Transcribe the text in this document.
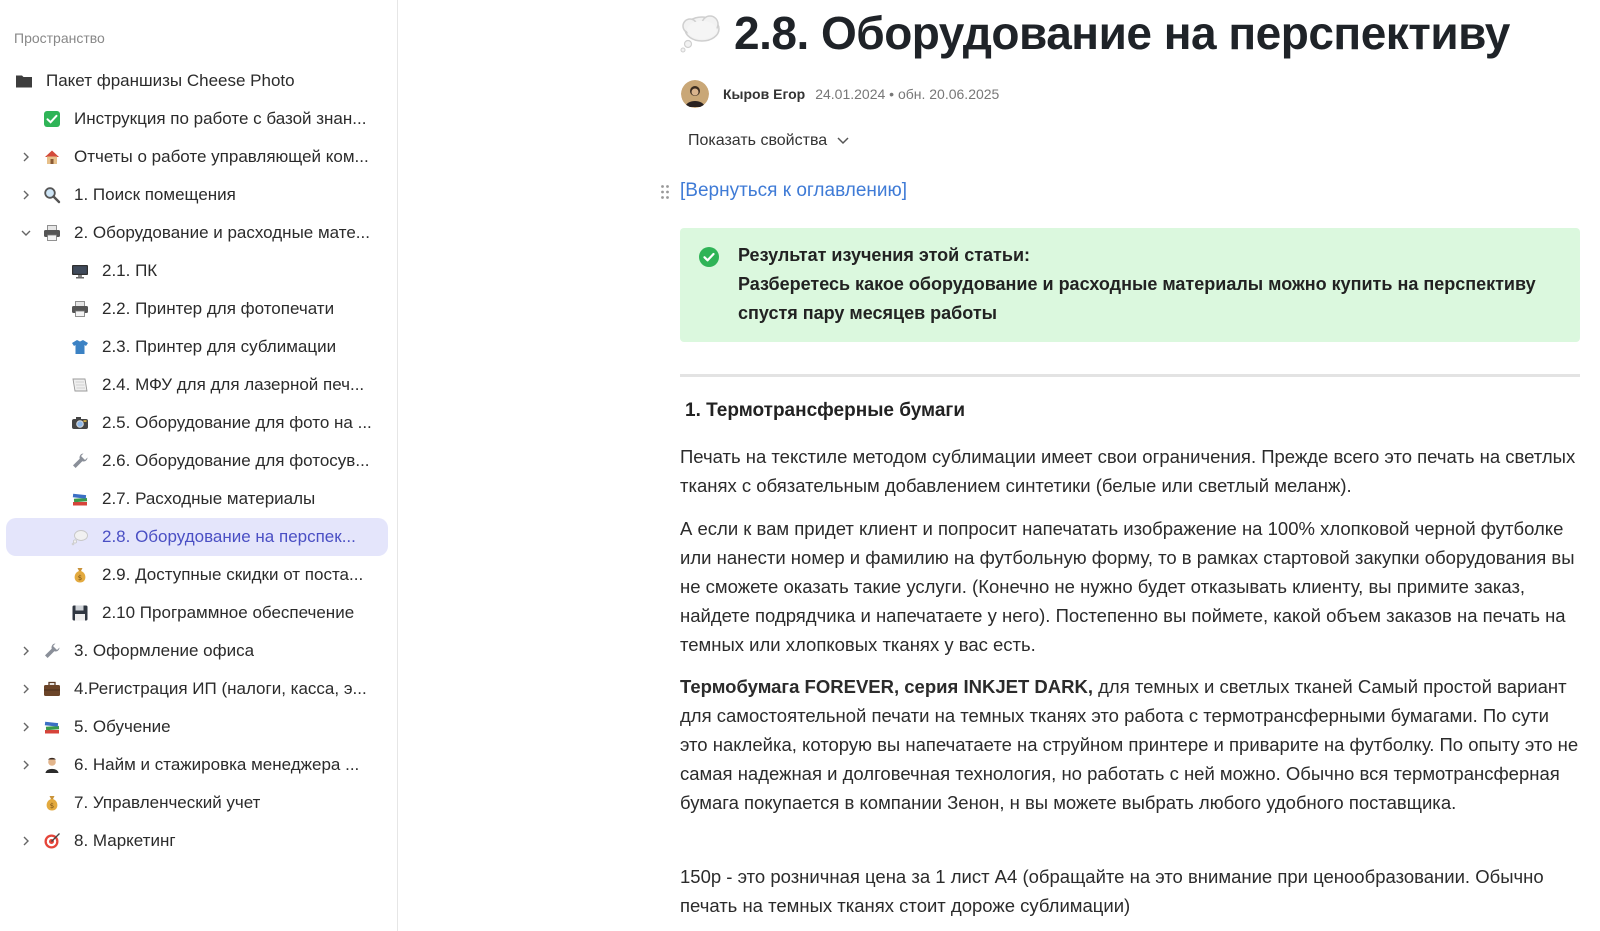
Пространство
Пакет франшизы Cheese Photo
Инструкция по работе с базой знан...
Отчеты о работе управляющей ком...
1. Поиск помещения
2. Оборудование и расходные мате...
2.1. ПК
2.2. Принтер для фотопечати
2.3. Принтер для сублимации
2.4. МФУ для для лазерной печ...
2.5. Оборудование для фото на ...
2.6. Оборудование для фотосув...
2.7. Расходные материалы
2.8. Оборудование на перспек...
$ 2.9. Доступные скидки от поста...
2.10 Программное обеспечение
3. Оформление офиса
4.Регистрация ИП (налоги, касса, э...
5. Обучение
6. Найм и стажировка менеджера ...
$ 7. Управленческий учет
8. Маркетинг
2.8. Оборудование на перспективу
Кыров Егор 24.01.2024 • обн. 20.06.2025
Показать свойства
[Вернуться к оглавлению]
Результат изучения этой статьи:
Разберетесь какое оборудование и расходные материалы можно купить на перспективу спустя пару месяцев работы
1. Термотрансферные бумаги

Печать на текстиле методом сублимации имеет свои ограничения. Прежде всего это печать на светлых тканях с обязательным добавлением синтетики (белые или светлый меланж).

А если к вам придет клиент и попросит напечатать изображение на 100% хлопковой черной футболке или нанести номер и фамилию на футбольную форму, то в рамках стартовой закупки оборудования вы не сможете оказать такие услуги. (Конечно не нужно будет отказывать клиенту, вы примите заказ, найдете подрядчика и напечатаете у него). Постепенно вы поймете, какой объем заказов на печать на темных или хлопковых тканях у вас есть.

Термобумага FOREVER, серия INKJET DARK, для темных и светлых тканей Самый простой вариант для самостоятельной печати на темных тканях это работа с термотрансферными бумагами. По сути это наклейка, которую вы напечатаете на струйном принтере и приварите на футболку. По опыту это не самая надежная и долговечная технология, но работать с ней можно. Обычно вся термотрансферная бумага покупается в компании Зенон, н вы можете выбрать любого удобного поставщика.

150р - это розничная цена за 1 лист А4 (обращайте на это внимание при ценообразовании. Обычно печать на темных тканях стоит дороже сублимации)
